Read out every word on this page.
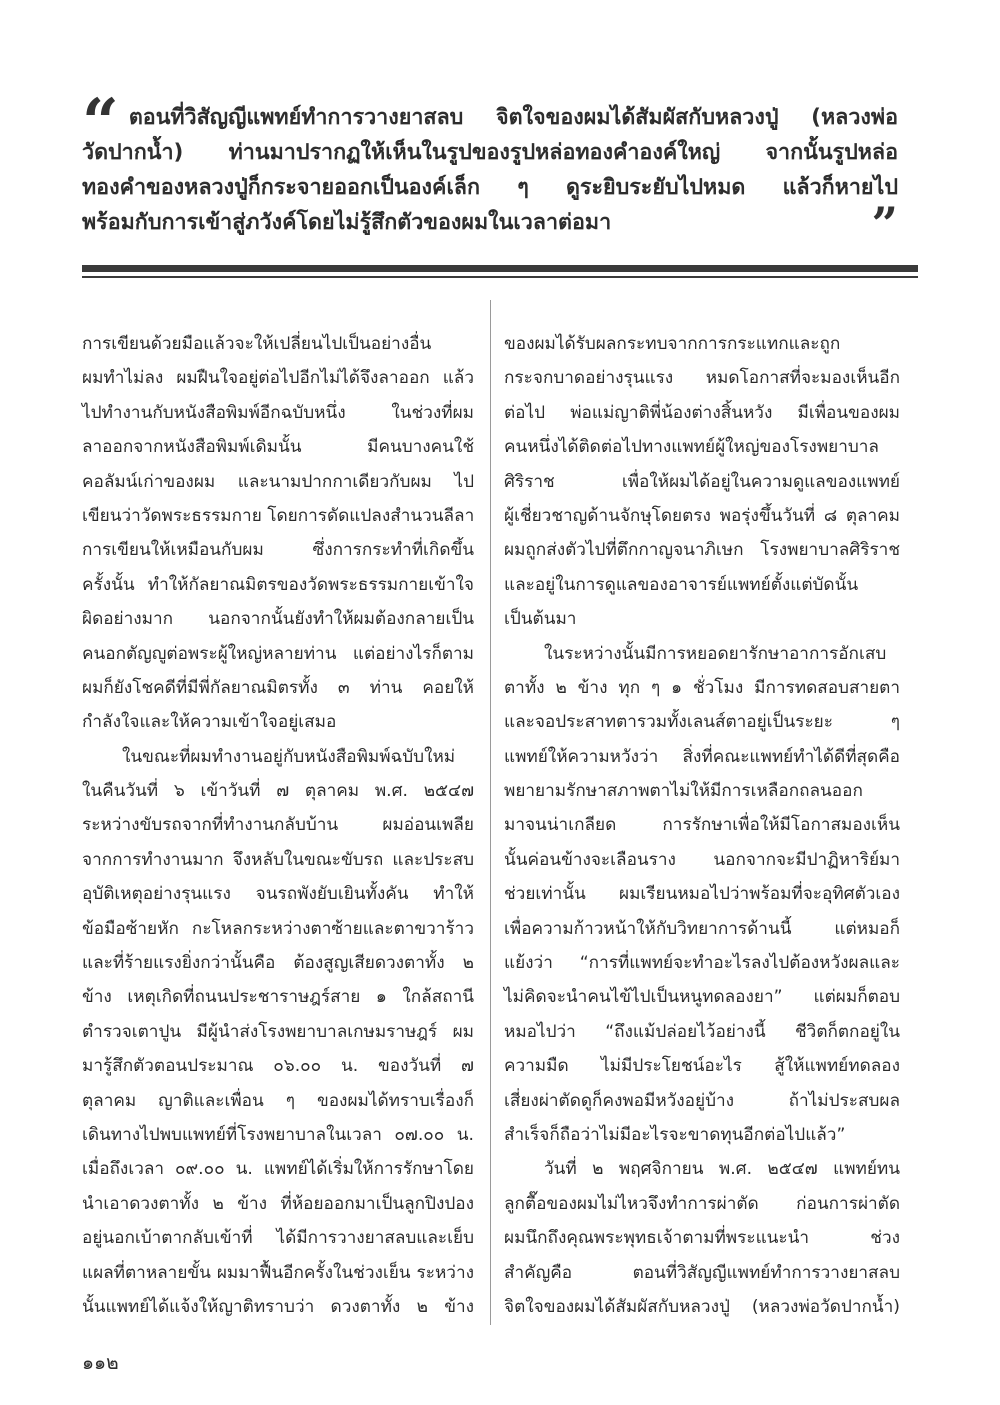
“ ตอนที่วิสัญญีแพทย์ทำการวางยาสลบ จิตใจของผมได้สัมผัสกับหลวงปู่ (หลวงพ่อ
วัดปากน้ำ) ท่านมาปรากฏให้เห็นในรูปของรูปหล่อทองคำองค์ใหญ่ จากนั้นรูปหล่อ
ทองคำของหลวงปู่ก็กระจายออกเป็นองค์เล็ก ๆ ดูระยิบระยับไปหมด แล้วก็หายไป
พร้อมกับการเข้าสู่ภวังค์โดยไม่รู้สึกตัวของผมในเวลาต่อมา	”
การเขียนด้วยมือแล้วจะให้เปลี่ยนไปเป็นอย่างอื่น
ผมทำไม่ลง ผมฝืนใจอยู่ต่อไปอีกไม่ได้จึงลาออก แล้ว
ไปทำงานกับหนังสือพิมพ์อีกฉบับหนึ่ง ในช่วงที่ผม
ลาออกจากหนังสือพิมพ์เดิมนั้น มีคนบางคนใช้
คอลัมน์เก่าของผม และนามปากกาเดียวกับผม ไป
เขียนว่าวัดพระธรรมกาย โดยการดัดแปลงสำนวนลีลา
การเขียนให้เหมือนกับผม ซึ่งการกระทำที่เกิดขึ้น
ครั้งนั้น ทำให้กัลยาณมิตรของวัดพระธรรมกายเข้าใจ
ผิดอย่างมาก นอกจากนั้นยังทำให้ผมต้องกลายเป็น
คนอกตัญญูต่อพระผู้ใหญ่หลายท่าน แต่อย่างไรก็ตาม
ผมก็ยังโชคดีที่มีพี่กัลยาณมิตรทั้ง ๓ ท่าน คอยให้
กำลังใจและให้ความเข้าใจอยู่เสมอ
ในขณะที่ผมทำงานอยู่กับหนังสือพิมพ์ฉบับใหม่
ในคืนวันที่ ๖ เข้าวันที่ ๗ ตุลาคม พ.ศ. ๒๕๔๗
ระหว่างขับรถจากที่ทำงานกลับบ้าน ผมอ่อนเพลีย
จากการทำงานมาก จึงหลับในขณะขับรถ และประสบ
อุบัติเหตุอย่างรุนแรง จนรถพังยับเยินทั้งคัน ทำให้
ข้อมือซ้ายหัก กะโหลกระหว่างตาซ้ายและตาขวาร้าว
และที่ร้ายแรงยิ่งกว่านั้นคือ ต้องสูญเสียดวงตาทั้ง ๒
ข้าง เหตุเกิดที่ถนนประชาราษฎร์สาย ๑ ใกล้สถานี
ตำรวจเตาปูน มีผู้นำส่งโรงพยาบาลเกษมราษฎร์ ผม
มารู้สึกตัวตอนประมาณ ๐๖.๐๐ น. ของวันที่ ๗
ตุลาคม ญาติและเพื่อน ๆ ของผมได้ทราบเรื่องก็
เดินทางไปพบแพทย์ที่โรงพยาบาลในเวลา ๐๗.๐๐ น.
เมื่อถึงเวลา ๐๙.๐๐ น. แพทย์ได้เริ่มให้การรักษาโดย
นำเอาดวงตาทั้ง ๒ ข้าง ที่ห้อยออกมาเป็นลูกปิงปอง
อยู่นอกเบ้าตากลับเข้าที่ ได้มีการวางยาสลบและเย็บ
แผลที่ตาหลายขั้น ผมมาฟื้นอีกครั้งในช่วงเย็น ระหว่าง
นั้นแพทย์ได้แจ้งให้ญาติทราบว่า ดวงตาทั้ง ๒ ข้าง
ของผมได้รับผลกระทบจากการกระแทกและถูก
กระจกบาดอย่างรุนแรง หมดโอกาสที่จะมองเห็นอีก
ต่อไป พ่อแม่ญาติพี่น้องต่างสิ้นหวัง มีเพื่อนของผม
คนหนึ่งได้ติดต่อไปทางแพทย์ผู้ใหญ่ของโรงพยาบาล
ศิริราช เพื่อให้ผมได้อยู่ในความดูแลของแพทย์
ผู้เชี่ยวชาญด้านจักษุโดยตรง พอรุ่งขึ้นวันที่ ๘ ตุลาคม
ผมถูกส่งตัวไปที่ตึกกาญจนาภิเษก โรงพยาบาลศิริราช
และอยู่ในการดูแลของอาจารย์แพทย์ตั้งแต่บัดนั้น
เป็นต้นมา
ในระหว่างนั้นมีการหยอดยารักษาอาการอักเสบ
ตาทั้ง ๒ ข้าง ทุก ๆ ๑ ชั่วโมง มีการทดสอบสายตา
และจอประสาทตารวมทั้งเลนส์ตาอยู่เป็นระยะ ๆ
แพทย์ให้ความหวังว่า สิ่งที่คณะแพทย์ทำได้ดีที่สุดคือ
พยายามรักษาสภาพตาไม่ให้มีการเหลือกถลนออก
มาจนน่าเกลียด การรักษาเพื่อให้มีโอกาสมองเห็น
นั้นค่อนข้างจะเลือนราง นอกจากจะมีปาฏิหาริย์มา
ช่วยเท่านั้น ผมเรียนหมอไปว่าพร้อมที่จะอุทิศตัวเอง
เพื่อความก้าวหน้าให้กับวิทยาการด้านนี้ แต่หมอก็
แย้งว่า “การที่แพทย์จะทำอะไรลงไปต้องหวังผลและ
ไม่คิดจะนำคนไข้ไปเป็นหนูทดลองยา” แต่ผมก็ตอบ
หมอไปว่า “ถึงแม้ปล่อยไว้อย่างนี้ ชีวิตก็ตกอยู่ใน
ความมืด ไม่มีประโยชน์อะไร สู้ให้แพทย์ทดลอง
เสี่ยงผ่าตัดดูก็คงพอมีหวังอยู่บ้าง ถ้าไม่ประสบผล
สำเร็จก็ถือว่าไม่มีอะไรจะขาดทุนอีกต่อไปแล้ว”
วันที่ ๒ พฤศจิกายน พ.ศ. ๒๕๔๗ แพทย์ทน
ลูกตื๊อของผมไม่ไหวจึงทำการผ่าตัด ก่อนการผ่าตัด
ผมนึกถึงคุณพระพุทธเจ้าตามที่พระแนะนำ ช่วง
สำคัญคือ ตอนที่วิสัญญีแพทย์ทำการวางยาสลบ
จิตใจของผมได้สัมผัสกับหลวงปู่ (หลวงพ่อวัดปากน้ำ)
๑๑๒
